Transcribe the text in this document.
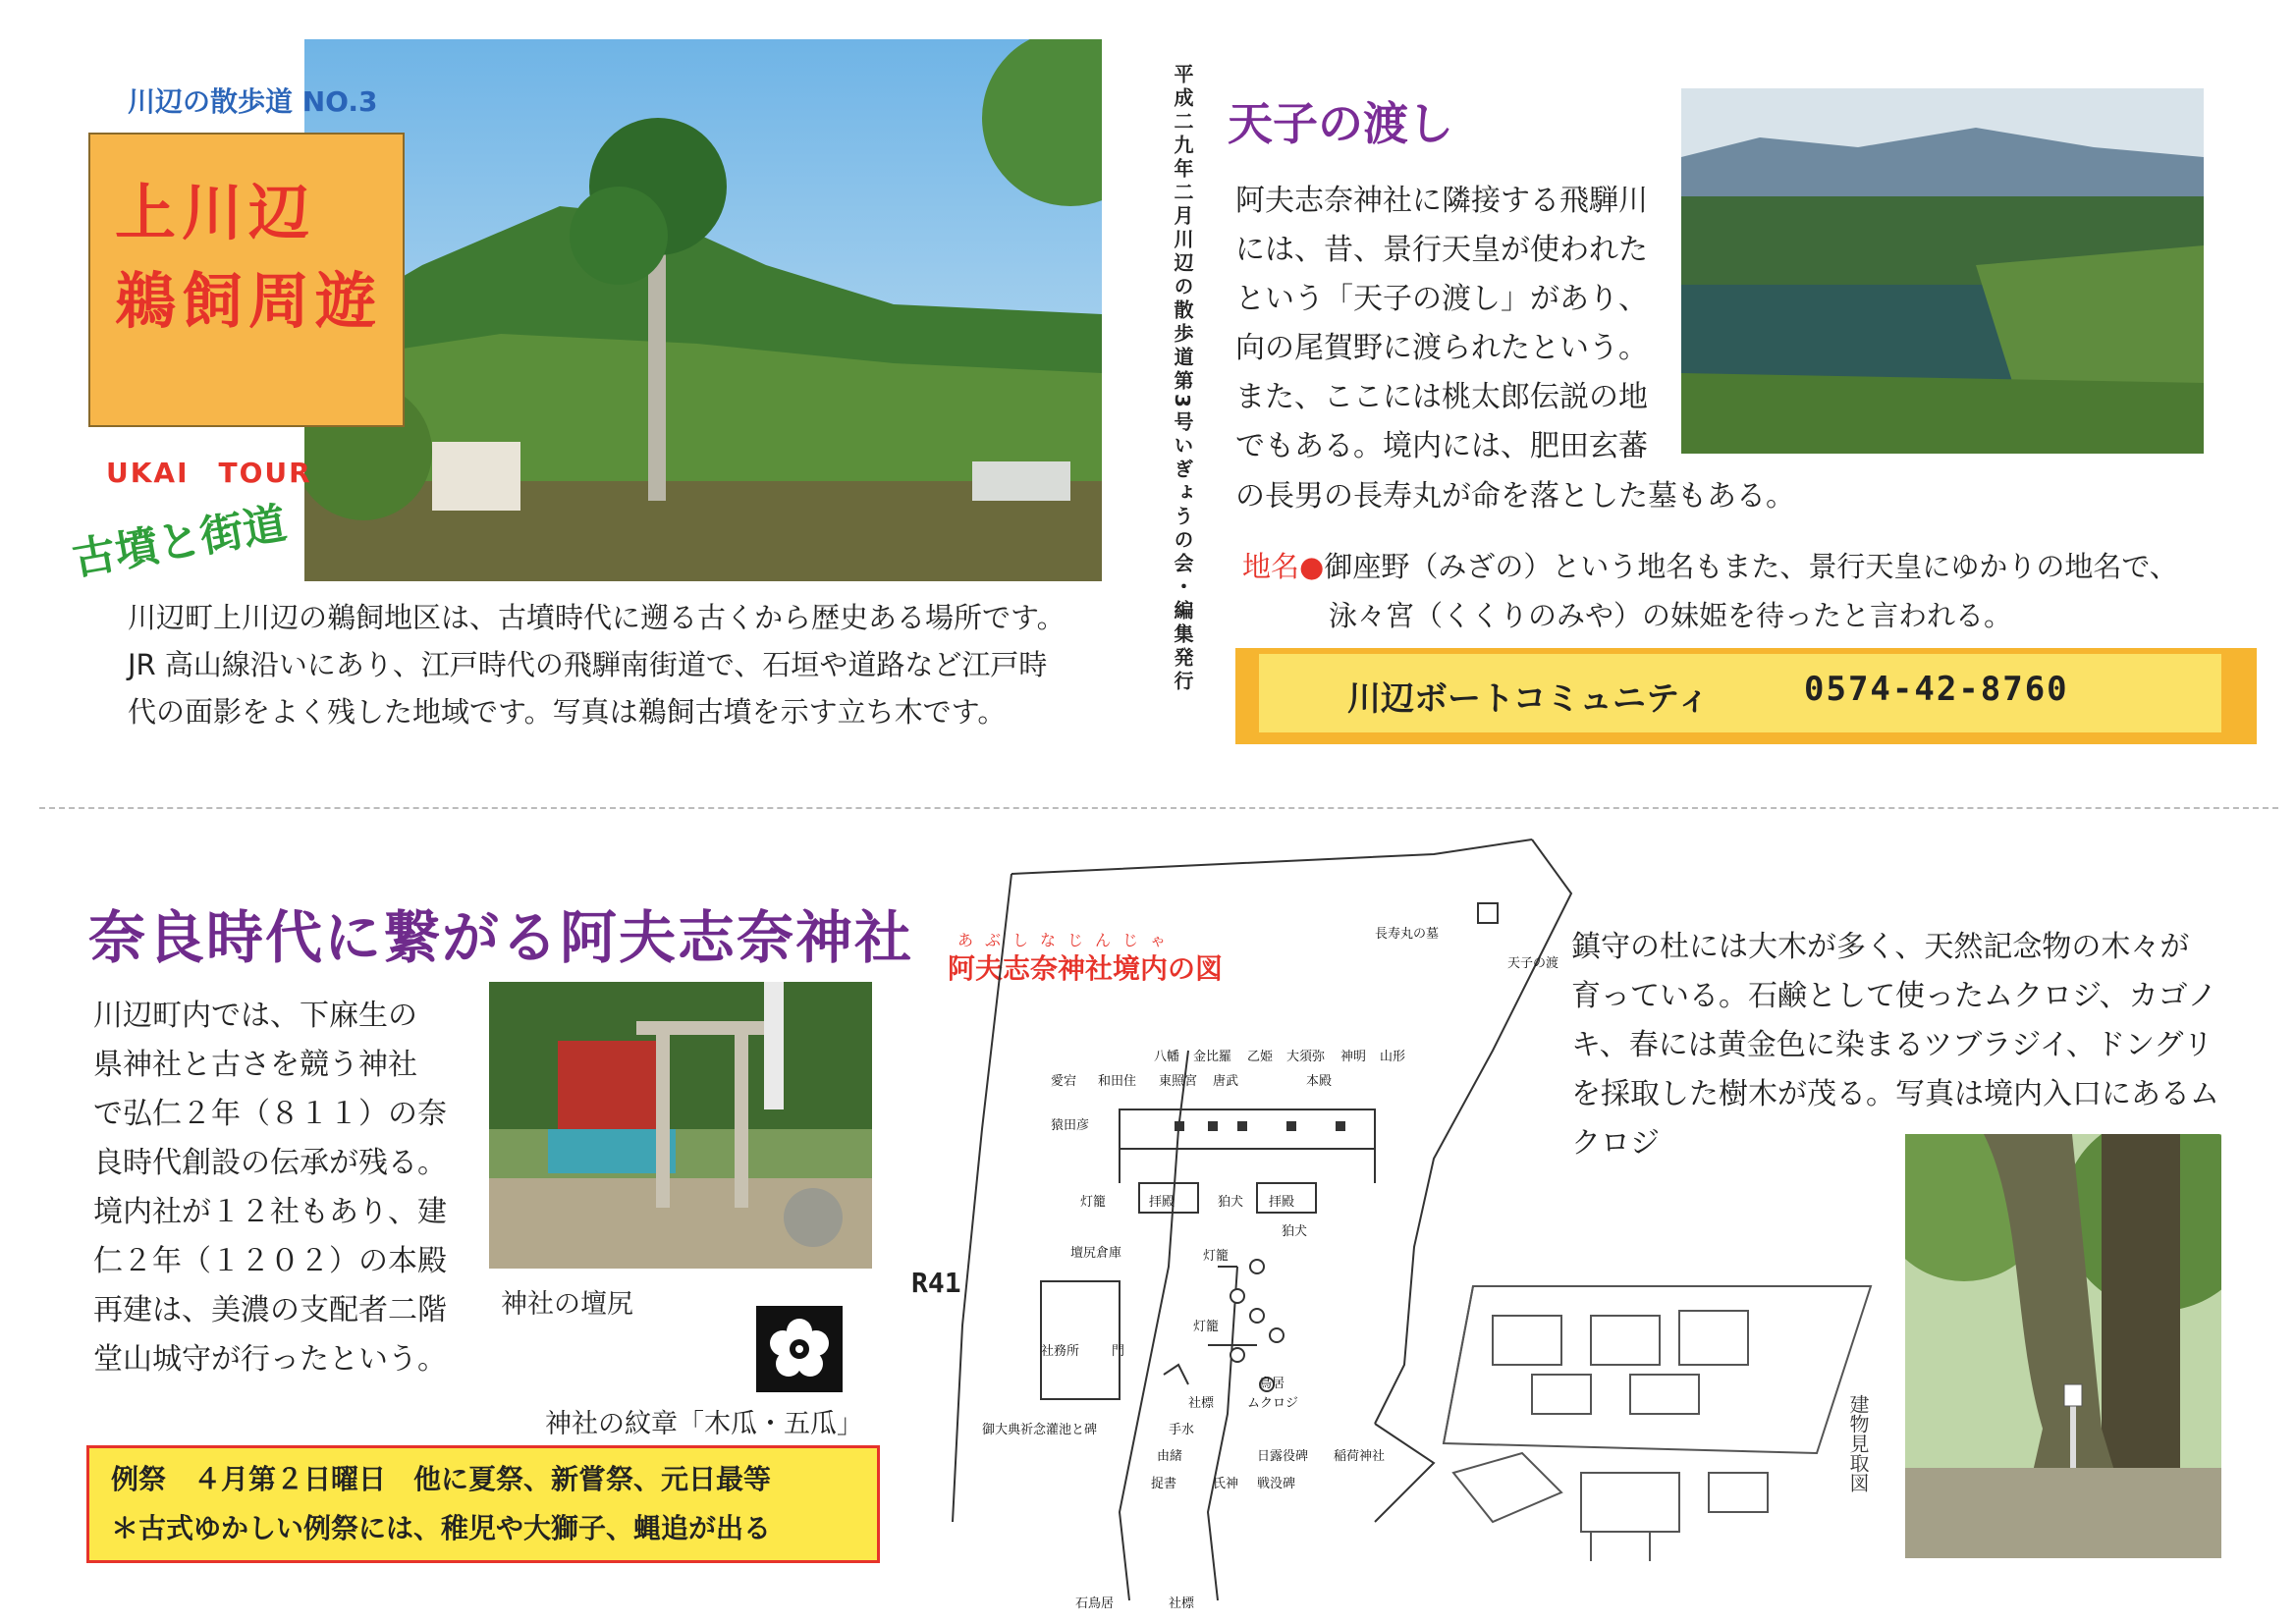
川辺の散歩道 NO.3
上川辺
鵜飼周遊
UKAI　TOUR
古墳と街道

川辺町上川辺の鵜飼地区は、古墳時代に遡る古くから歴史ある場所です。

JR 高山線沿いにあり、江戸時代の飛騨南街道で、石垣や道路など江戸時

代の面影をよく残した地域です。写真は鵜飼古墳を示す立ち木です。

平成二九年二月川辺の散歩道第3号いぎょうの会・編集発行 天子の渡し
阿夫志奈神社に隣接する飛騨川
には、昔、景行天皇が使われた
という「天子の渡し」があり、
向の尾賀野に渡られたという。
また、ここには桃太郎伝説の地
でもある。境内には、肥田玄蕃
の長男の長寿丸が命を落とした墓もある。
地名●御座野（みざの）という地名もまた、景行天皇にゆかりの地名で、
泳々宮（くくりのみや）の妹姫を待ったと言われる。
川辺ボートコミュニティ	0574-42-8760
奈良時代に繋がる阿夫志奈神社
川辺町内では、下麻生の
県神社と古さを競う神社
で弘仁２年（８１１）の奈
良時代創設の伝承が残る。
境内社が１２社もあり、建
仁２年（１２０２）の本殿
再建は、美濃の支配者二階
堂山城守が行ったという。
神社の壇尻
神社の紋章「木瓜・五瓜」
例祭　４月第２日曜日　他に夏祭、新嘗祭、元日最等
＊古式ゆかしい例祭には、稚児や大獅子、蝿追が出る
あぶしなじんじゃ
阿夫志奈神社境内の図
R41
長寿丸の墓
天子の渡
八幡 金比羅 乙姫 大須弥 神明 山形
愛宕 和田住 東照宮 唐武	本殿
猿田彦
灯籠	拝殿	狛犬 拝殿
狛犬
壇尻倉庫	灯籠
社務所	門
灯籠
鳥居
社標	ムクロジ
御大典祈念灌池と碑	手水
由緒	日露役碑 稲荷神社
捉書	氏神 戦没碑
石鳥居	社標
建物見取図
鎮守の杜には大木が多く、天然記念物の木々が
育っている。石鹸として使ったムクロジ、カゴノ
キ、春には黄金色に染まるツブラジイ、ドングリ
を採取した樹木が茂る。写真は境内入口にあるム
クロジ
